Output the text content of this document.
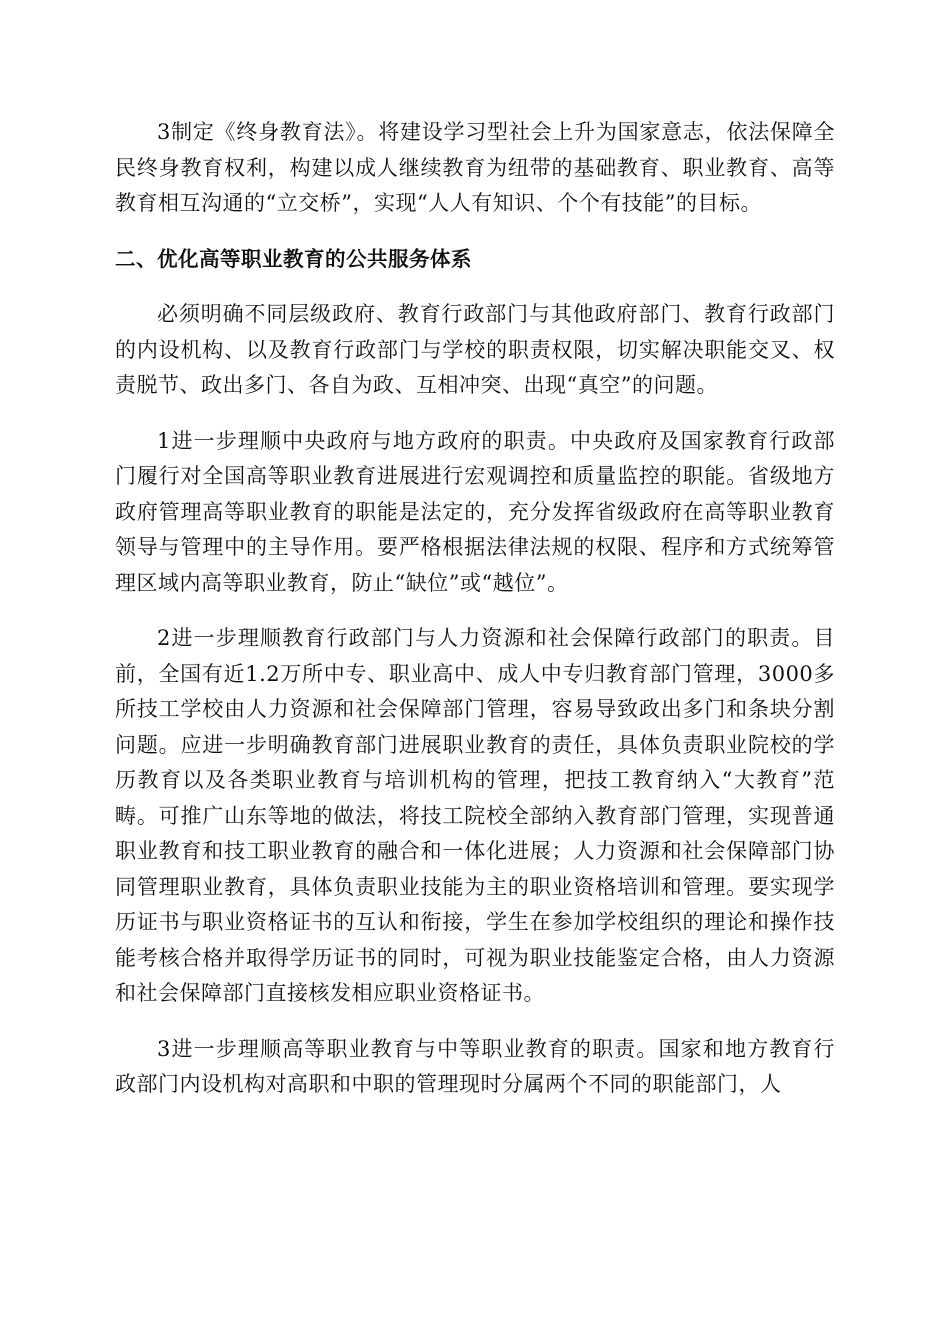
3制定《终身教育法》。将建设学习型社会上升为国家意志，依法保障全民终身教育权利，构建以成人继续教育为纽带的基础教育、职业教育、高等教育相互沟通的“立交桥”，实现“人人有知识、个个有技能”的目标。

二、优化高等职业教育的公共服务体系

必须明确不同层级政府、教育行政部门与其他政府部门、教育行政部门的内设机构、以及教育行政部门与学校的职责权限，切实解决职能交叉、权责脱节、政出多门、各自为政、互相冲突、出现“真空”的问题。

1进一步理顺中央政府与地方政府的职责。中央政府及国家教育行政部门履行对全国高等职业教育进展进行宏观调控和质量监控的职能。省级地方政府管理高等职业教育的职能是法定的，充分发挥省级政府在高等职业教育领导与管理中的主导作用。要严格根据法律法规的权限、程序和方式统筹管理区域内高等职业教育，防止“缺位”或“越位”。

2进一步理顺教育行政部门与人力资源和社会保障行政部门的职责。目前，全国有近1.2万所中专、职业高中、成人中专归教育部门管理，3000多所技工学校由人力资源和社会保障部门管理，容易导致政出多门和条块分割问题。应进一步明确教育部门进展职业教育的责任，具体负责职业院校的学历教育以及各类职业教育与培训机构的管理，把技工教育纳入“大教育”范畴。可推广山东等地的做法，将技工院校全部纳入教育部门管理，实现普通职业教育和技工职业教育的融合和一体化进展；人力资源和社会保障部门协同管理职业教育，具体负责职业技能为主的职业资格培训和管理。要实现学历证书与职业资格证书的互认和衔接，学生在参加学校组织的理论和操作技能考核合格并取得学历证书的同时，可视为职业技能鉴定合格，由人力资源和社会保障部门直接核发相应职业资格证书。

3进一步理顺高等职业教育与中等职业教育的职责。国家和地方教育行政部门内设机构对高职和中职的管理现时分属两个不同的职能部门，人
